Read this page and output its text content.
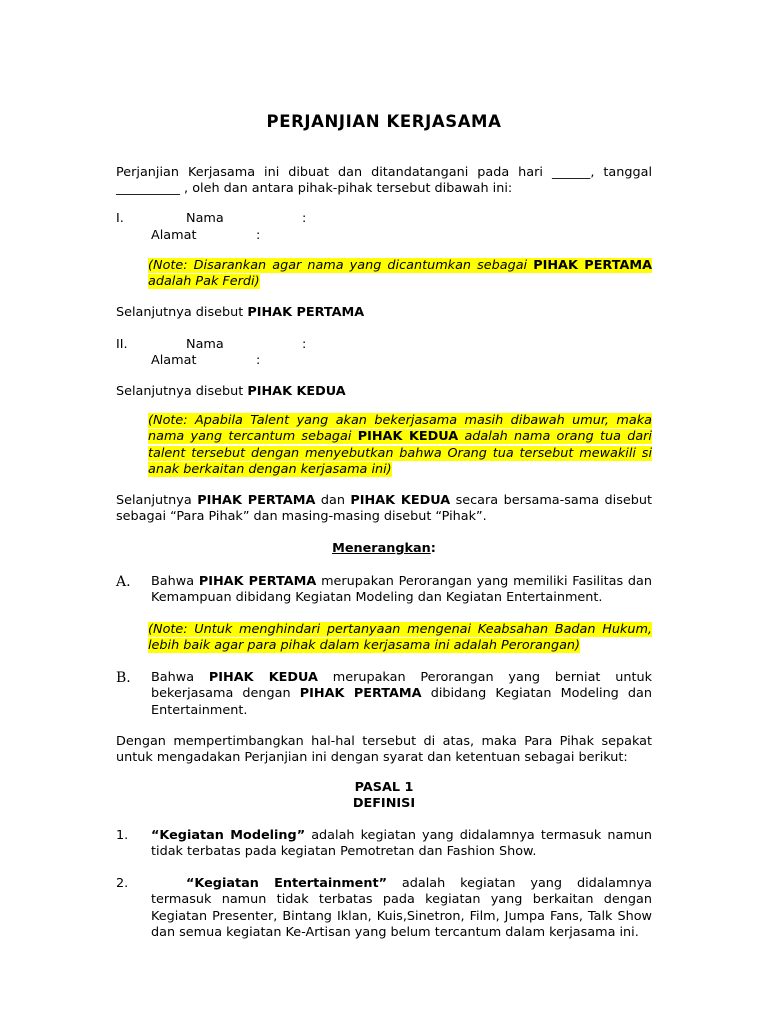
PERJANJIAN KERJASAMA
Perjanjian Kerjasama ini dibuat dan ditandatangani pada hari ______, tanggal
__________ , oleh dan antara pihak-pihak tersebut dibawah ini:
I.	Nama	:
Alamat	:
(Note: Disarankan agar nama yang dicantumkan sebagai PIHAK PERTAMA adalah Pak Ferdi)
Selanjutnya disebut PIHAK PERTAMA
II.	Nama	:
Alamat	:
Selanjutnya disebut PIHAK KEDUA
(Note: Apabila Talent yang akan bekerjasama masih dibawah umur, maka nama yang tercantum sebagai PIHAK KEDUA adalah nama orang tua dari talent tersebut dengan menyebutkan bahwa Orang tua tersebut mewakili si anak berkaitan dengan kerjasama ini)
Selanjutnya PIHAK PERTAMA dan PIHAK KEDUA secara bersama-sama disebut sebagai “Para Pihak” dan masing-masing disebut “Pihak”.
Menerangkan:
A. Bahwa PIHAK PERTAMA merupakan Perorangan yang memiliki Fasilitas dan Kemampuan dibidang Kegiatan Modeling dan Kegiatan Entertainment.
(Note: Untuk menghindari pertanyaan mengenai Keabsahan Badan Hukum, lebih baik agar para pihak dalam kerjasama ini adalah Perorangan)
B. Bahwa PIHAK KEDUA merupakan Perorangan yang berniat untuk bekerjasama dengan PIHAK PERTAMA dibidang Kegiatan Modeling dan Entertainment.
Dengan mempertimbangkan hal-hal tersebut di atas, maka Para Pihak sepakat untuk mengadakan Perjanjian ini dengan syarat dan ketentuan sebagai berikut:
PASAL 1
DEFINISI
1. “Kegiatan Modeling” adalah kegiatan yang didalamnya termasuk namun tidak terbatas pada kegiatan Pemotretan dan Fashion Show.
2.	“Kegiatan Entertainment” adalah kegiatan yang didalamnya termasuk namun tidak terbatas pada kegiatan yang berkaitan dengan Kegiatan Presenter, Bintang Iklan, Kuis,Sinetron, Film, Jumpa Fans, Talk Show dan semua kegiatan Ke-Artisan yang belum tercantum dalam kerjasama ini.
